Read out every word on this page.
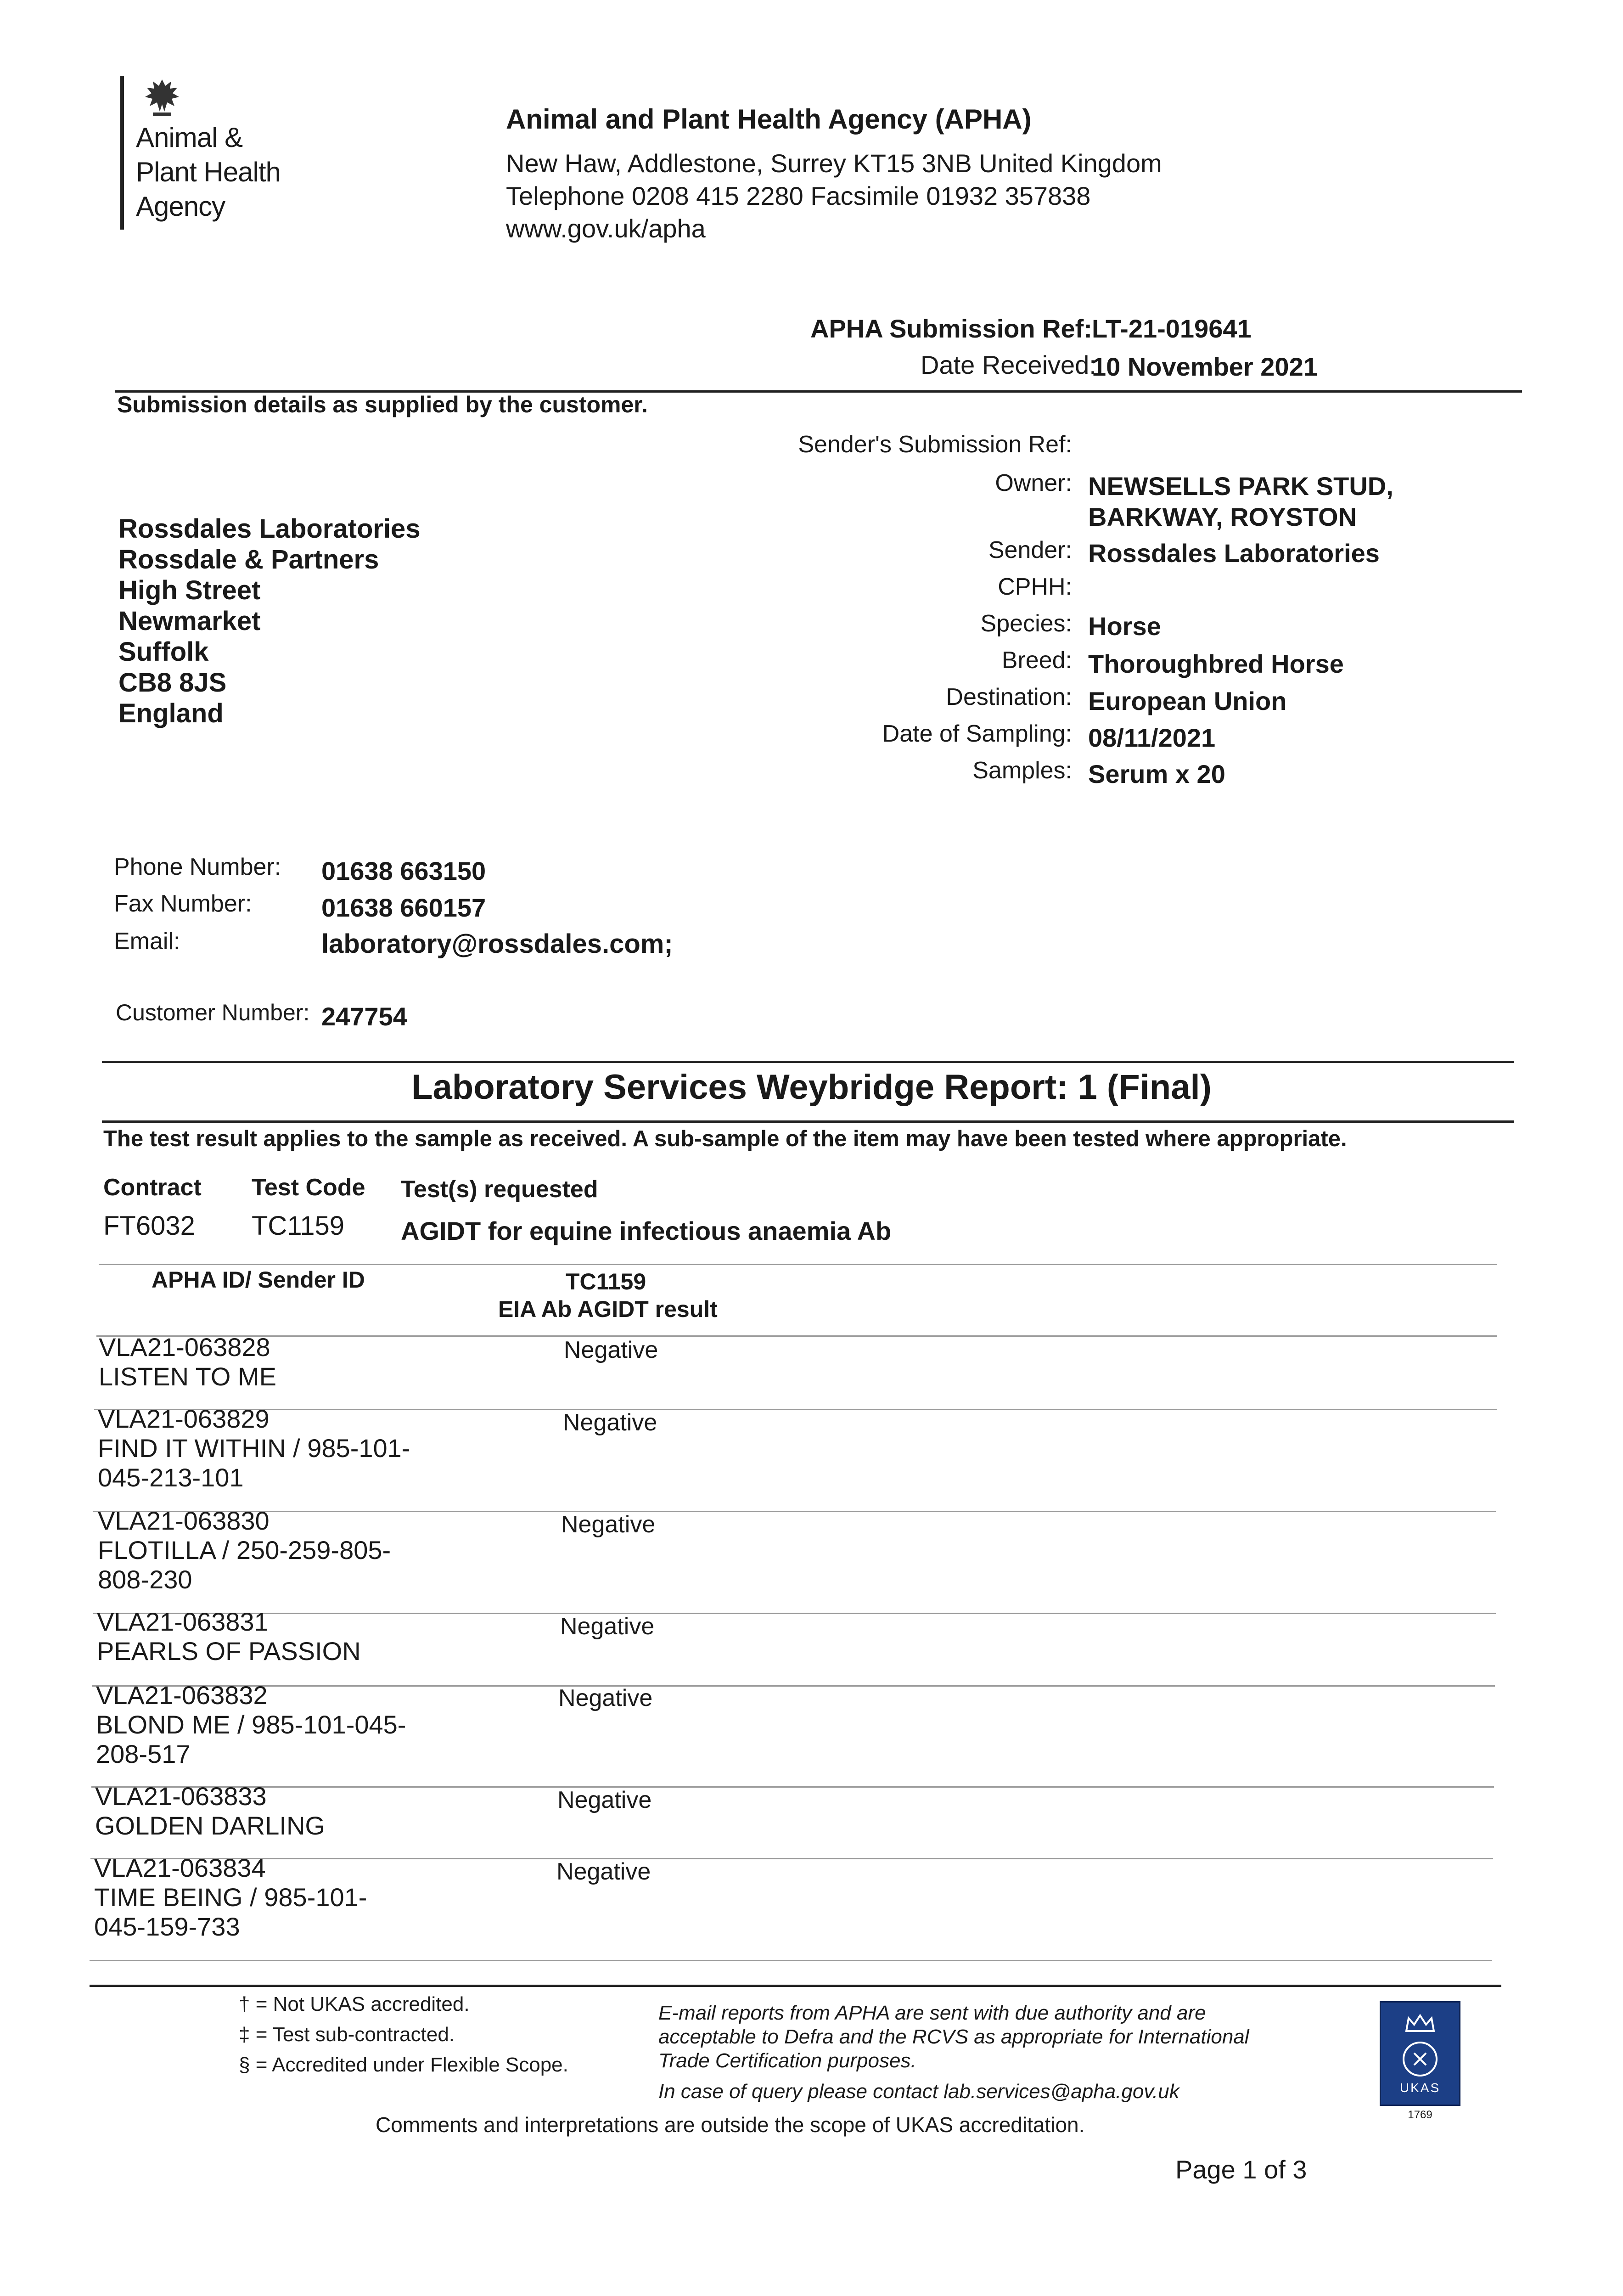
Animal &
Plant Health
Agency
Animal and Plant Health Agency (APHA)
New Haw, Addlestone, Surrey KT15 3NB United Kingdom
Telephone 0208 415 2280 Facsimile 01932 357838
www.gov.uk/apha
APHA Submission Ref: LT-21-019641
Date Received:
10 November 2021
Submission details as supplied by the customer.
Rossdales Laboratories
Rossdale & Partners
High Street
Newmarket
Suffolk
CB8 8JS
England
Sender's Submission Ref:
Owner: NEWSELLS PARK STUD,
BARKWAY, ROYSTON
Sender: Rossdales Laboratories
CPHH:
Species: Horse
Breed: Thoroughbred Horse
Destination: European Union
Date of Sampling: 08/11/2021
Samples: Serum x 20
Phone Number: 01638 663150
Fax Number:	01638 660157
Email:	laboratory@rossdales.com;
Customer Number: 247754
Laboratory Services Weybridge Report: 1 (Final)
The test result applies to the sample as received. A sub-sample of the item may have been tested where appropriate.
Contract Test Code Test(s) requested
FT6032 TC1159 AGIDT for equine infectious anaemia Ab
APHA ID/ Sender ID	TC1159
EIA Ab AGIDT result
VLA21-063828
LISTEN TO ME
Negative
VLA21-063829
FIND IT WITHIN / 985-101-
045-213-101
Negative
VLA21-063830
FLOTILLA / 250-259-805-
808-230
Negative
VLA21-063831
PEARLS OF PASSION
Negative
VLA21-063832
BLOND ME / 985-101-045-
208-517
Negative
VLA21-063833
GOLDEN DARLING
Negative
VLA21-063834
TIME BEING / 985-101-
045-159-733
Negative
† = Not UKAS accredited.
‡ = Test sub-contracted.
§ = Accredited under Flexible Scope.
E-mail reports from APHA are sent with due authority and are
acceptable to Defra and the RCVS as appropriate for International
Trade Certification purposes.
In case of query please contact lab.services@apha.gov.uk	UKAS
1769
Comments and interpretations are outside the scope of UKAS accreditation.
Page 1 of 3
